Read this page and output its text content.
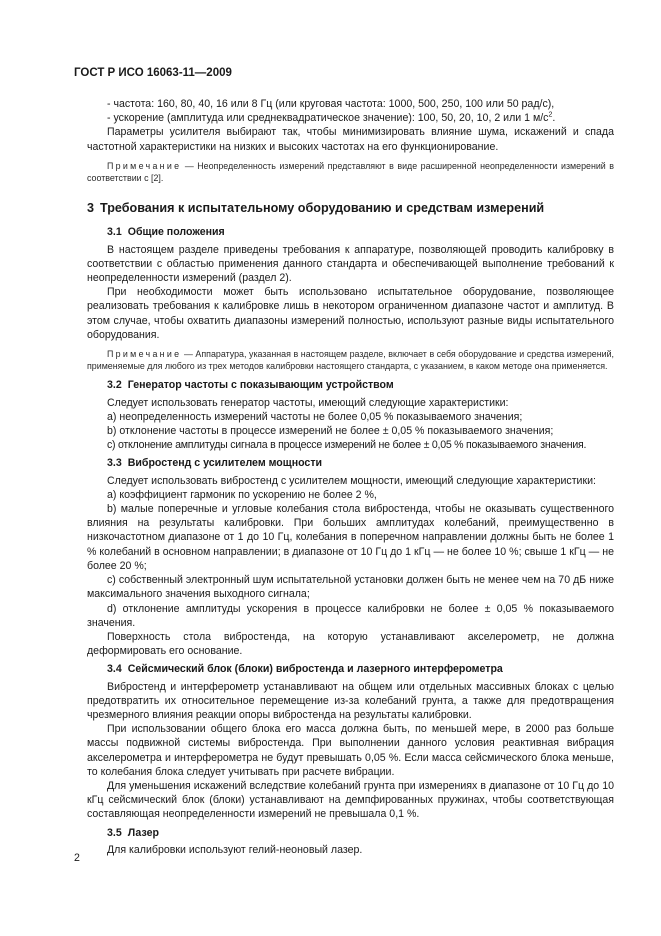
ГОСТ Р ИСО 16063-11—2009

- частота: 160, 80, 40, 16 или 8 Гц (или круговая частота: 1000, 500, 250, 100 или 50 рад/с),

- ускорение (амплитуда или среднеквадратическое значение): 100, 50, 20, 10, 2 или 1 $м/с^2$.

Параметры усилителя выбирают так, чтобы минимизировать влияние шума, искажений и спада частотной характеристики на низких и высоких частотах на его функционирование.

Примечание — Неопределенность измерений представляют в виде расширенной неопределенности измерений в соответствии с [2].

3 Требования к испытательному оборудованию и средствам измерений
3.1 Общие положения

В настоящем разделе приведены требования к аппаратуре, позволяющей проводить калибровку в соответствии с областью применения данного стандарта и обеспечивающей выполнение требований к неопределенности измерений (раздел 2).

При необходимости может быть использовано испытательное оборудование, позволяющее реализовать требования к калибровке лишь в некотором ограниченном диапазоне частот и амплитуд. В этом случае, чтобы охватить диапазоны измерений полностью, используют разные виды испытательного оборудования.

Примечание — Аппаратура, указанная в настоящем разделе, включает в себя оборудование и средства измерений, применяемые для любого из трех методов калибровки настоящего стандарта, с указанием, в каком методе она применяется.

3.2 Генератор частоты с показывающим устройством

Следует использовать генератор частоты, имеющий следующие характеристики:

a) неопределенность измерений частоты не более 0,05 % показываемого значения;

b) отклонение частоты в процессе измерений не более ± 0,05 % показываемого значения;

c) отклонение амплитуды сигнала в процессе измерений не более ± 0,05 % показываемого значения.

3.3 Вибростенд с усилителем мощности

Следует использовать вибростенд с усилителем мощности, имеющий следующие характеристики:

a) коэффициент гармоник по ускорению не более 2 %,

b) малые поперечные и угловые колебания стола вибростенда, чтобы не оказывать существенного влияния на результаты калибровки. При больших амплитудах колебаний, преимущественно в низкочастотном диапазоне от 1 до 10 Гц, колебания в поперечном направлении должны быть не более 1 % колебаний в основном направлении; в диапазоне от 10 Гц до 1 кГц — не более 10 %; свыше 1 кГц — не более 20 %;

c) собственный электронный шум испытательной установки должен быть не менее чем на 70 дБ ниже максимального значения выходного сигнала;

d) отклонение амплитуды ускорения в процессе калибровки не более ± 0,05 % показываемого значения.

Поверхность стола вибростенда, на которую устанавливают акселерометр, не должна деформировать его основание.

3.4 Сейсмический блок (блоки) вибростенда и лазерного интерферометра

Вибростенд и интерферометр устанавливают на общем или отдельных массивных блоках с целью предотвратить их относительное перемещение из-за колебаний грунта, а также для предотвращения чрезмерного влияния реакции опоры вибростенда на результаты калибровки.

При использовании общего блока его масса должна быть, по меньшей мере, в 2000 раз больше массы подвижной системы вибростенда. При выполнении данного условия реактивная вибрация акселерометра и интерферометра не будут превышать 0,05 %. Если масса сейсмического блока меньше, то колебания блока следует учитывать при расчете вибрации.

Для уменьшения искажений вследствие колебаний грунта при измерениях в диапазоне от 10 Гц до 10 кГц сейсмический блок (блоки) устанавливают на демпфированных пружинах, чтобы соответствующая составляющая неопределенности измерений не превышала 0,1 %.

3.5 Лазер

Для калибровки используют гелий-неоновый лазер.

2
